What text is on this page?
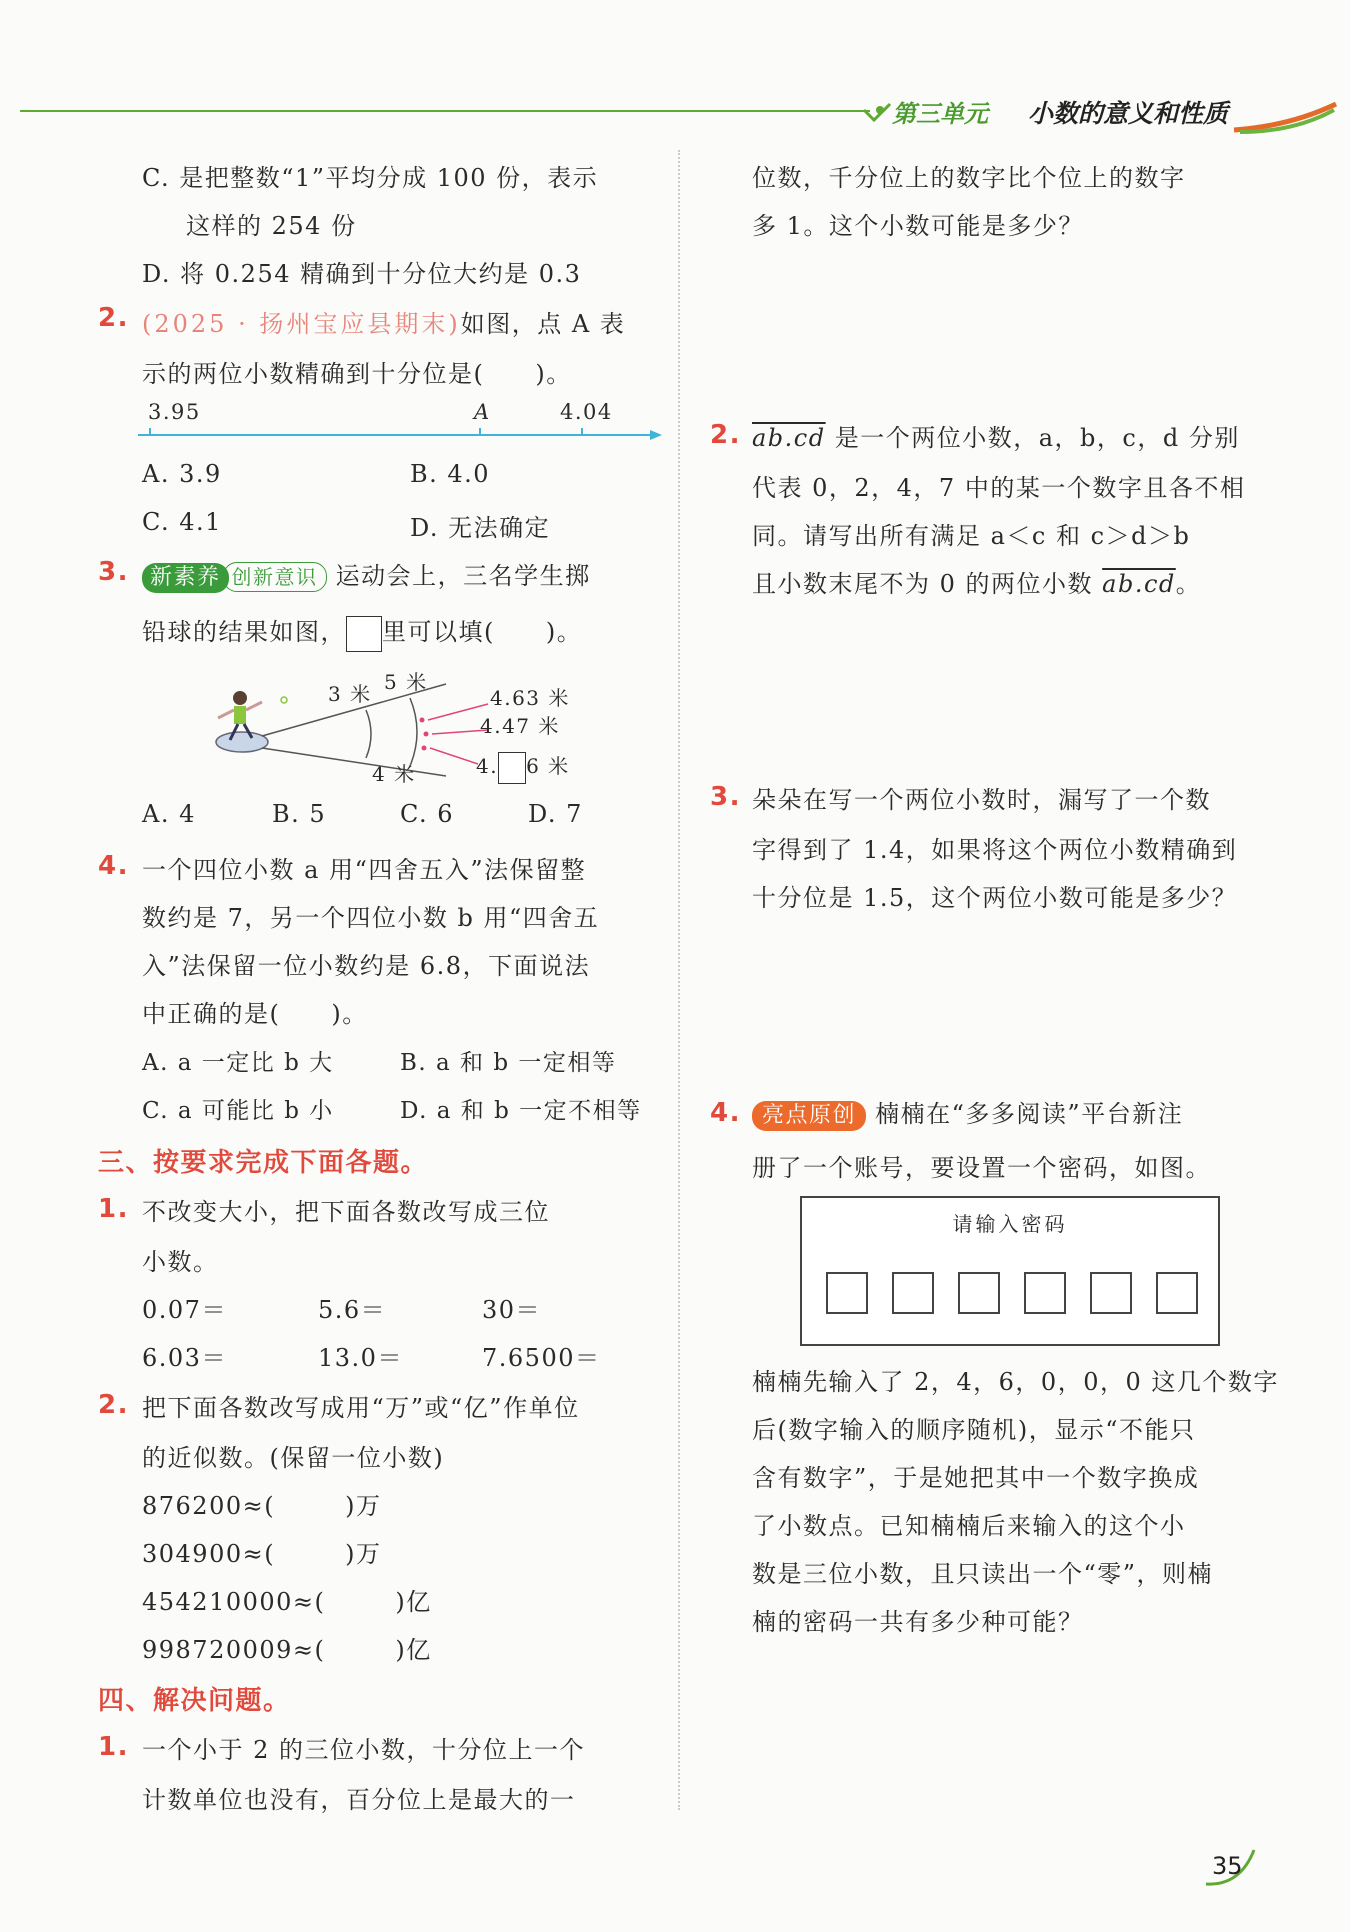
第三单元 小数的意义和性质
C. 是把整数“1”平均分成 100 份，表示
这样的 254 份
D. 将 0.254 精确到十分位大约是 0.3
2. (2025 · 扬州宝应县期末)如图，点 A 表
示的两位小数精确到十分位是(　　)。
3.95	A	4.04
A. 3.9	B. 4.0
C. 4.1	D. 无法确定
3. 新素养 创新意识 运动会上，三名学生掷
铅球的结果如图， 里可以填(　　)。
3 米 5 米
4.63 米
4.47 米
4 米	4. 6 米
A. 4	B. 5	C. 6	D. 7
4. 一个四位小数 a 用“四舍五入”法保留整
数约是 7，另一个四位小数 b 用“四舍五
入”法保留一位小数约是 6.8，下面说法
中正确的是(　　)。
A. a 一定比 b 大	B. a 和 b 一定相等
C. a 可能比 b 小	D. a 和 b 一定不相等
三、按要求完成下面各题。
1. 不改变大小，把下面各数改写成三位
小数。
0.07＝	5.6＝	30＝
6.03＝	13.0＝	7.6500＝
2. 把下面各数改写成用“万”或“亿”作单位
的近似数。(保留一位小数)
876200≈(	)万
304900≈(	)万
454210000≈(	)亿
998720009≈(	)亿
四、解决问题。
1. 一个小于 2 的三位小数，十分位上一个
计数单位也没有，百分位上是最大的一
位数，千分位上的数字比个位上的数字
多 1。这个小数可能是多少？
2. ab.cd 是一个两位小数，a，b，c，d 分别
代表 0，2，4，7 中的某一个数字且各不相
同。请写出所有满足 a＜c 和 c＞d＞b
且小数末尾不为 0 的两位小数 ab.cd。
3. 朵朵在写一个两位小数时，漏写了一个数
字得到了 1.4，如果将这个两位小数精确到
十分位是 1.5，这个两位小数可能是多少？
4. 亮点原创 楠楠在“多多阅读”平台新注
册了一个账号，要设置一个密码，如图。
请输入密码
楠楠先输入了 2，4，6，0，0，0 这几个数字
后(数字输入的顺序随机)，显示“不能只
含有数字”，于是她把其中一个数字换成
了小数点。已知楠楠后来输入的这个小
数是三位小数，且只读出一个“零”，则楠
楠的密码一共有多少种可能？
35
